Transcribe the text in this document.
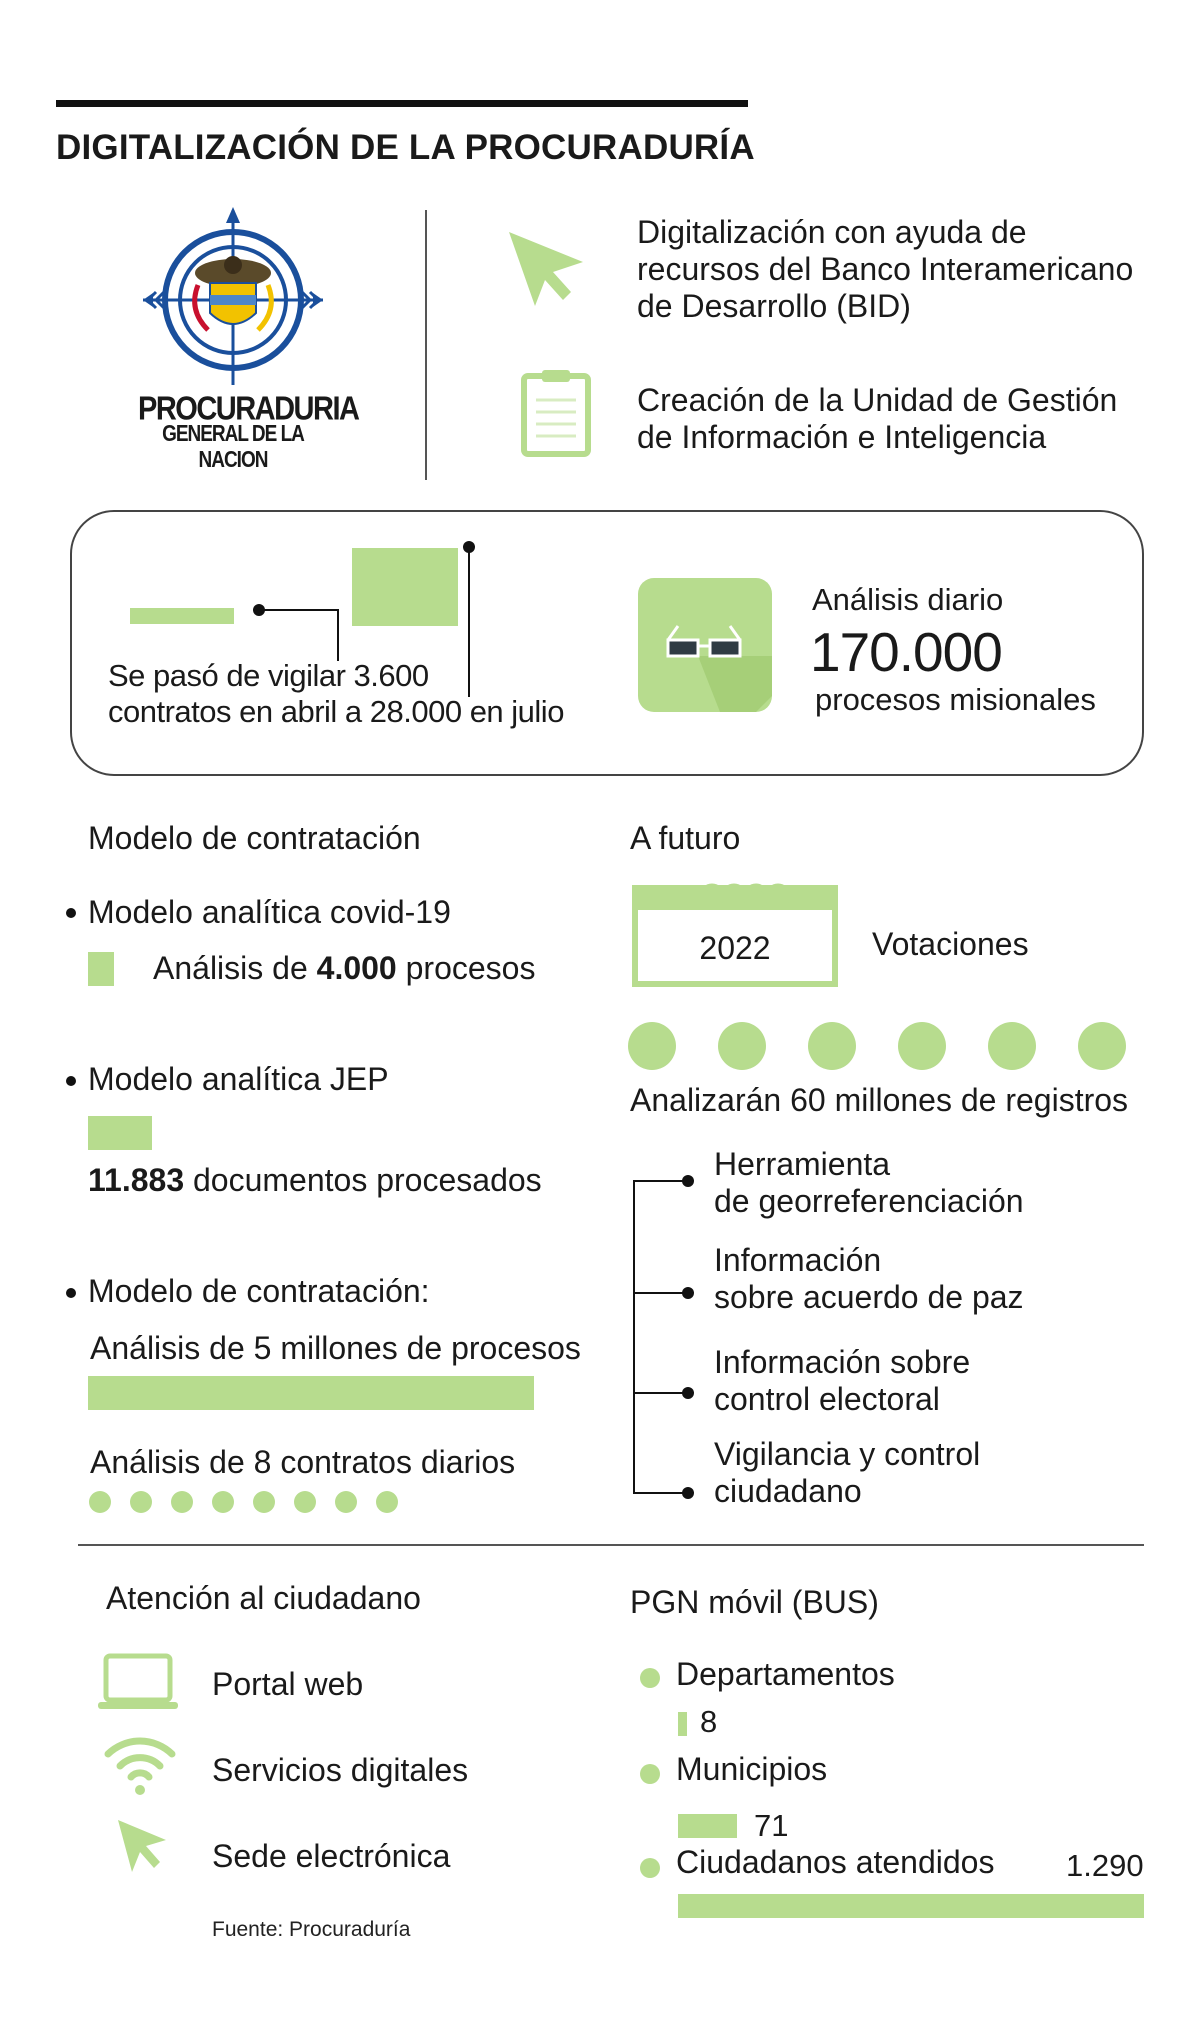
DIGITALIZACIÓN DE LA PROCURADURÍA
PROCURADURIA
GENERAL DE LA NACION
Digitalización con ayuda de
recursos del Banco Interamericano
de Desarrollo (BID)
Creación de la Unidad de Gestión
de Información e Inteligencia
Se pasó de vigilar 3.600
contratos en abril a 28.000 en julio
Análisis diario
170.000
procesos misionales
Modelo de contratación
Modelo analítica covid-19
Análisis de 4.000 procesos
Modelo analítica JEP
11.883 documentos procesados
Modelo de contratación:
Análisis de 5 millones de procesos
Análisis de 8 contratos diarios
A futuro
2022	Votaciones
Analizarán 60 millones de registros
Herramienta
de georreferenciación
Información
sobre acuerdo de paz
Información sobre
control electoral
Vigilancia y control
ciudadano
Atención al ciudadano
Portal web
Servicios digitales
Sede electrónica
Fuente: Procuraduría
PGN móvil (BUS)
Departamentos
8
Municipios
71
Ciudadanos atendidos 1.290
